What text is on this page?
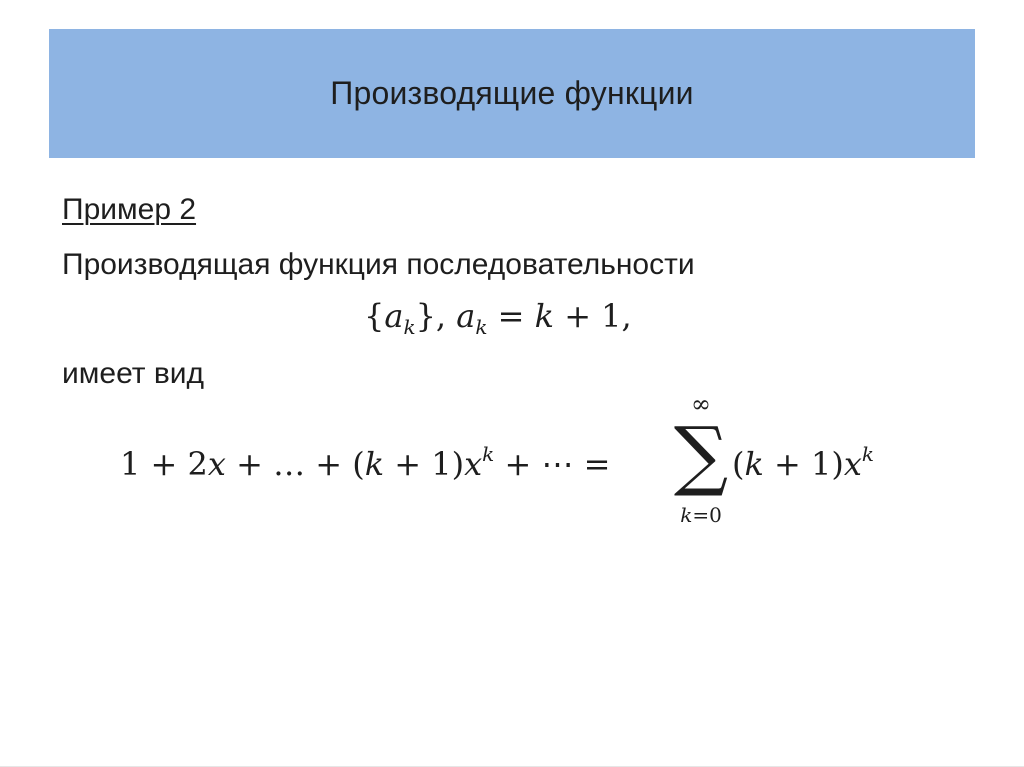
Производящие функции
Пример 2
Производящая функция последовательности
$\{a_k\}$, $a_k = k + 1$,
имеет вид
1 + 2x + … + $(k + 1)x^k$ + ⋯ =
∞
∑
k=0
$(k + 1)x^k$
